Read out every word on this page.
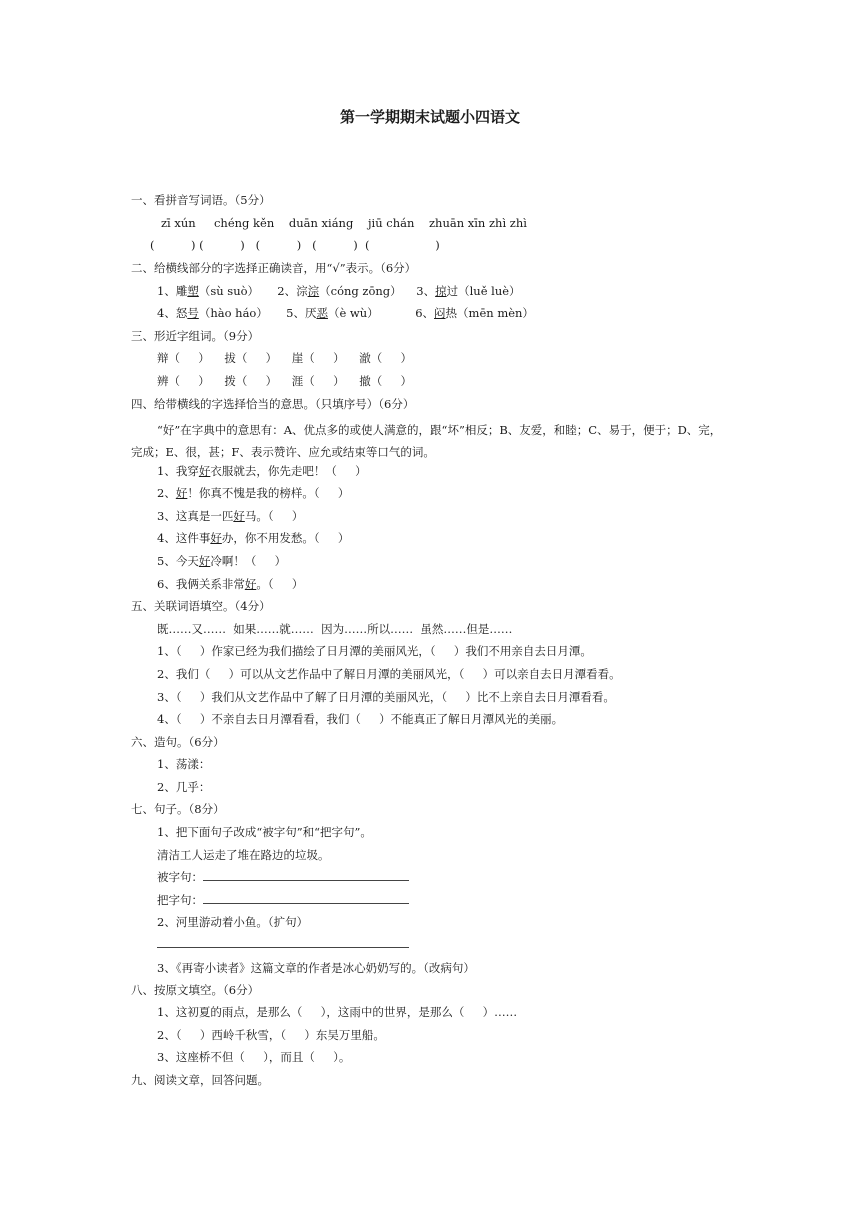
第一学期期末试题小四语文

一、看拼音写词语。（5分）

zī xún     chéng kěn    duān xiáng    jiū chán    zhuān xīn zhì zhì

(          ) (          )   (          )   (          )  (                  )

二、给横线部分的字选择正确读音，用“√”表示。（6分）

1、雕塑（sù suò）     2、淙淙（cóng zōng）    3、掠过（luě luè）

4、怒号（hào háo）     5、厌恶（è wù）          6、闷热（mēn mèn）

三、形近字组词。（9分）

辩（     ）    拔（     ）    崖（     ）    澈（     ）

辨（     ）    拨（     ）    涯（     ）    撤（     ）

四、给带横线的字选择恰当的意思。（只填序号）（6分）

“好”在字典中的意思有：A、优点多的或使人满意的，跟“坏”相反；B、友爱，和睦；C、易于，便于；D、完，完成；E、很，甚；F、表示赞许、应允或结束等口气的词。

1、我穿好衣服就去，你先走吧！（     ）

2、好！你真不愧是我的榜样。（     ）

3、这真是一匹好马。（     ）

4、这件事好办，你不用发愁。（     ）

5、今天好冷啊！（     ）

6、我俩关系非常好。（     ）

五、关联词语填空。（4分）

既……又……  如果……就……  因为……所以……  虽然……但是……

1、（     ）作家已经为我们描绘了日月潭的美丽风光，（     ）我们不用亲自去日月潭。

2、我们（     ）可以从文艺作品中了解日月潭的美丽风光，（     ）可以亲自去日月潭看看。

3、（     ）我们从文艺作品中了解了日月潭的美丽风光，（     ）比不上亲自去日月潭看看。

4、（     ）不亲自去日月潭看看，我们（     ）不能真正了解日月潭风光的美丽。

六、造句。（6分）

1、荡漾：

2、几乎：

七、句子。（8分）

1、把下面句子改成“被字句”和“把字句”。

清洁工人运走了堆在路边的垃圾。

被字句：

把字句：

2、河里游动着小鱼。（扩句）

3、《再寄小读者》这篇文章的作者是冰心奶奶写的。（改病句）

八、按原文填空。（6分）

1、这初夏的雨点，是那么（     ），这雨中的世界，是那么（     ）……

2、（     ）西岭千秋雪，（     ）东吴万里船。

3、这座桥不但（     ），而且（     ）。

九、阅读文章，回答问题。
